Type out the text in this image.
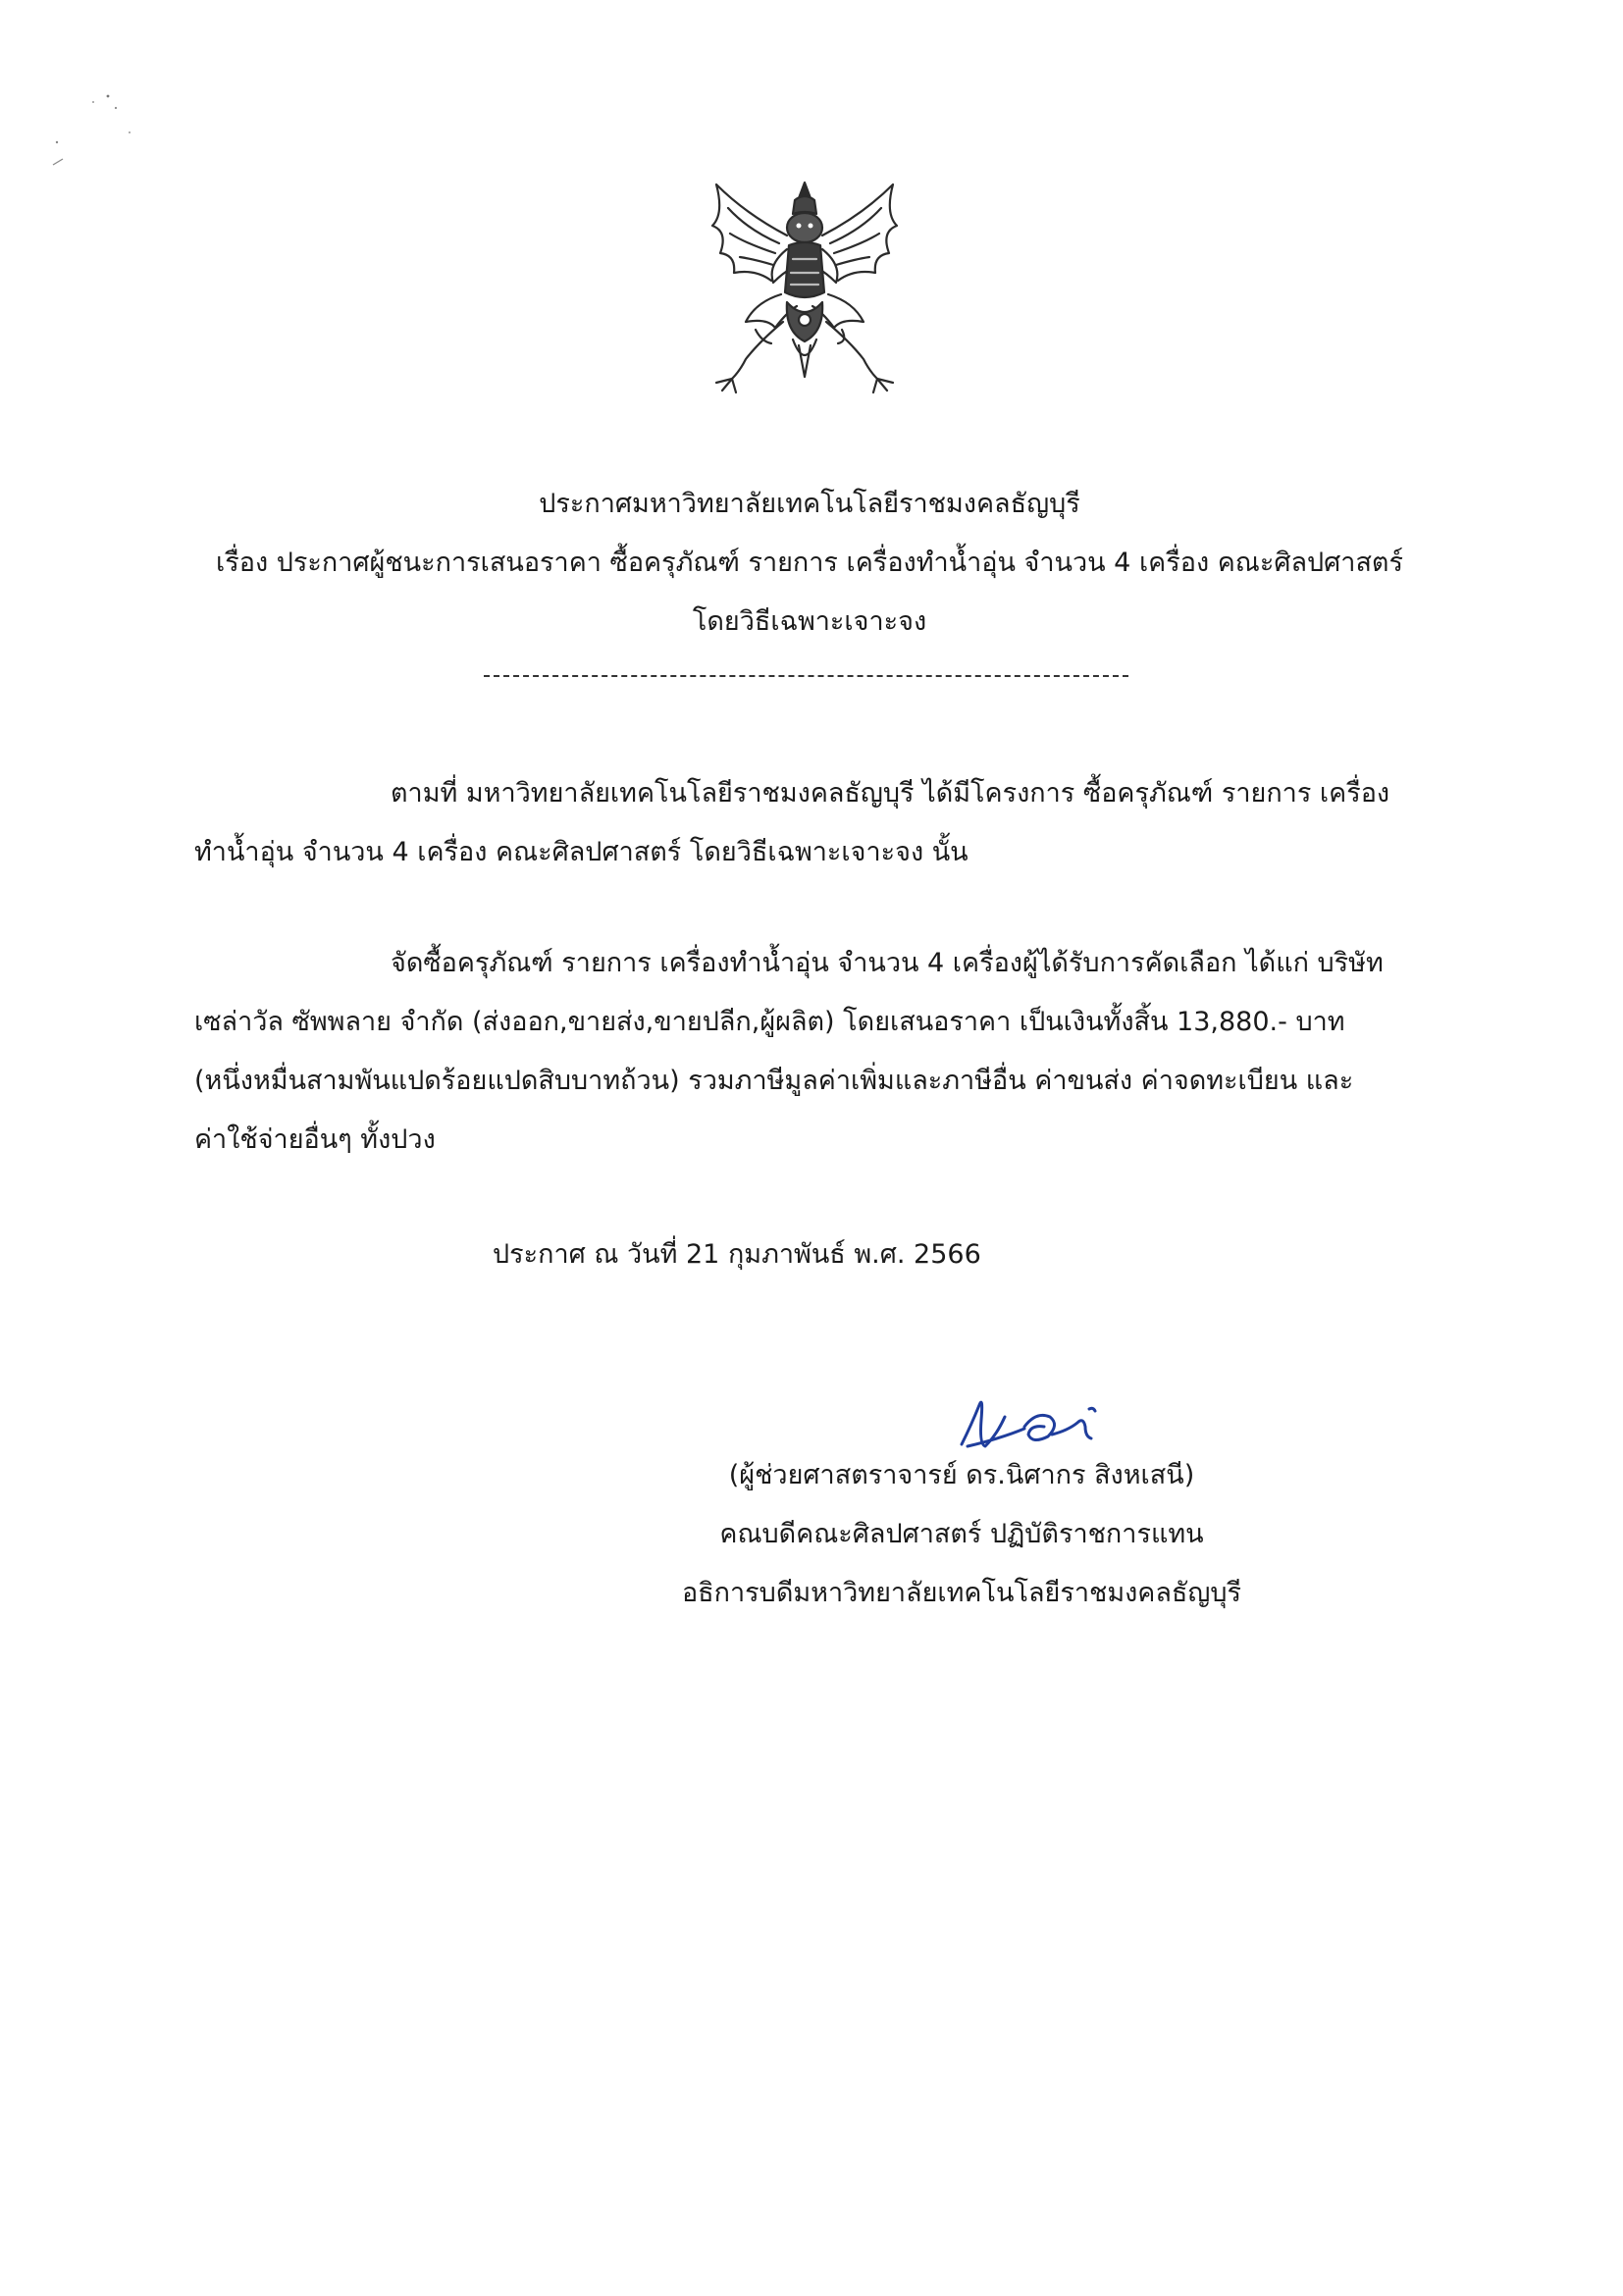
ประกาศมหาวิทยาลัยเทคโนโลยีราชมงคลธัญบุรี
เรื่อง ประกาศผู้ชนะการเสนอราคา ซื้อครุภัณฑ์ รายการ เครื่องทำน้ำอุ่น จำนวน 4 เครื่อง คณะศิลปศาสตร์
โดยวิธีเฉพาะเจาะจง
ตามที่ มหาวิทยาลัยเทคโนโลยีราชมงคลธัญบุรี ได้มีโครงการ ซื้อครุภัณฑ์ รายการ เครื่อง
ทำน้ำอุ่น จำนวน 4 เครื่อง คณะศิลปศาสตร์ โดยวิธีเฉพาะเจาะจง นั้น
จัดซื้อครุภัณฑ์ รายการ เครื่องทำน้ำอุ่น จำนวน 4 เครื่องผู้ได้รับการคัดเลือก ได้แก่ บริษัท
เซล่าวัล ซัพพลาย จำกัด (ส่งออก,ขายส่ง,ขายปลีก,ผู้ผลิต) โดยเสนอราคา เป็นเงินทั้งสิ้น 13,880.- บาท
(หนึ่งหมื่นสามพันแปดร้อยแปดสิบบาทถ้วน) รวมภาษีมูลค่าเพิ่มและภาษีอื่น ค่าขนส่ง ค่าจดทะเบียน และ
ค่าใช้จ่ายอื่นๆ ทั้งปวง
ประกาศ ณ วันที่ 21 กุมภาพันธ์ พ.ศ. 2566
(ผู้ช่วยศาสตราจารย์ ดร.นิศากร สิงหเสนี)
คณบดีคณะศิลปศาสตร์ ปฏิบัติราชการแทน
อธิการบดีมหาวิทยาลัยเทคโนโลยีราชมงคลธัญบุรี
